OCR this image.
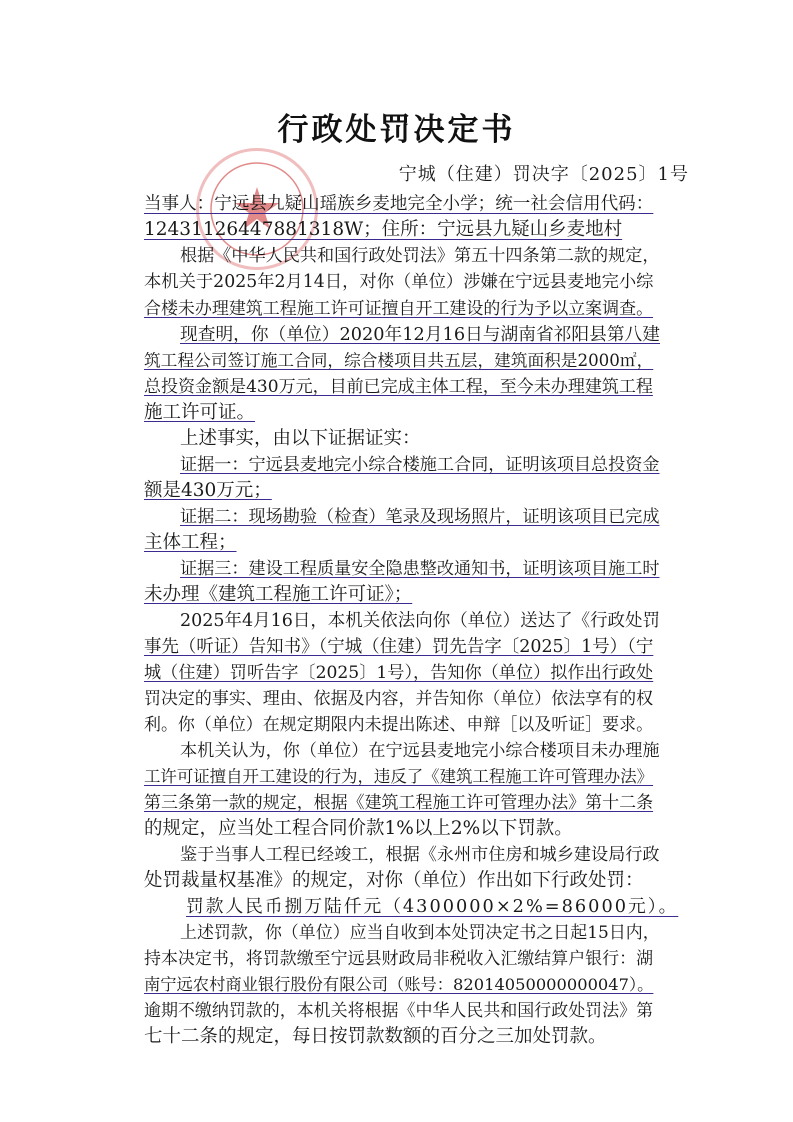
行政处罚决定书
宁城（住建）罚决字〔2025〕1号
当事人：宁远县九疑山瑶族乡麦地完全小学；统一社会信用代码：
12431126447881318W；住所：宁远县九疑山乡麦地村
根据《中华人民共和国行政处罚法》第五十四条第二款的规定，
本机关于2025年2月14日，对你（单位）涉嫌在宁远县麦地完小综
合楼未办理建筑工程施工许可证擅自开工建设的行为予以立案调查。
现查明，你（单位）2020年12月16日与湖南省祁阳县第八建
筑工程公司签订施工合同，综合楼项目共五层，建筑面积是2000㎡，
总投资金额是430万元，目前已完成主体工程，至今未办理建筑工程
施工许可证。
上述事实，由以下证据证实：
证据一：宁远县麦地完小综合楼施工合同，证明该项目总投资金
额是430万元；
证据二：现场勘验（检查）笔录及现场照片，证明该项目已完成
主体工程；
证据三：建设工程质量安全隐患整改通知书，证明该项目施工时
未办理《建筑工程施工许可证》；
2025年4月16日，本机关依法向你（单位）送达了《行政处罚
事先（听证）告知书》（宁城（住建）罚先告字〔2025〕1号）（宁
城（住建）罚听告字〔2025〕1号），告知你（单位）拟作出行政处
罚决定的事实、理由、依据及内容，并告知你（单位）依法享有的权
利。你（单位）在规定期限内未提出陈述、申辩［以及听证］要求。
本机关认为，你（单位）在宁远县麦地完小综合楼项目未办理施
工许可证擅自开工建设的行为，违反了《建筑工程施工许可管理办法》
第三条第一款的规定，根据《建筑工程施工许可管理办法》第十二条
的规定，应当处工程合同价款1%以上2%以下罚款。
鉴于当事人工程已经竣工，根据《永州市住房和城乡建设局行政
处罚裁量权基准》的规定，对你（单位）作出如下行政处罚：
罚款人民币捌万陆仟元（4300000×2%=86000元）。
上述罚款，你（单位）应当自收到本处罚决定书之日起15日内，
持本决定书，将罚款缴至宁远县财政局非税收入汇缴结算户银行：湖
南宁远农村商业银行股份有限公司（账号：82014050000000047）。
逾期不缴纳罚款的，本机关将根据《中华人民共和国行政处罚法》第
七十二条的规定，每日按罚款数额的百分之三加处罚款。
